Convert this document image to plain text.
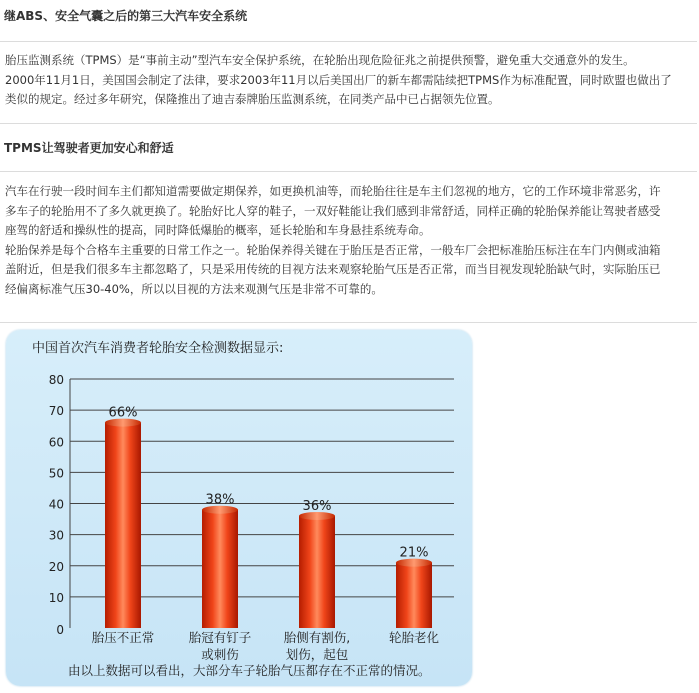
继ABS、安全气囊之后的第三大汽车安全系统
胎压监测系统（TPMS）是“事前主动”型汽车安全保护系统，在轮胎出现危险征兆之前提供预警，避免重大交通意外的发生。
2000年11月1日，美国国会制定了法律，要求2003年11月以后美国出厂的新车都需陆续把TPMS作为标准配置，同时欧盟也做出了
类似的规定。经过多年研究，保隆推出了迪吉泰牌胎压监测系统，在同类产品中已占据领先位置。
TPMS让驾驶者更加安心和舒适
汽车在行驶一段时间车主们都知道需要做定期保养，如更换机油等，而轮胎往往是车主们忽视的地方，它的工作环境非常恶劣，许
多车子的轮胎用不了多久就更换了。轮胎好比人穿的鞋子，一双好鞋能让我们感到非常舒适，同样正确的轮胎保养能让驾驶者感受
座驾的舒适和操纵性的提高，同时降低爆胎的概率，延长轮胎和车身悬挂系统寿命。
轮胎保养是每个合格车主重要的日常工作之一。轮胎保养得关键在于胎压是否正常，一般车厂会把标准胎压标注在车门内侧或油箱
盖附近，但是我们很多车主都忽略了，只是采用传统的目视方法来观察轮胎气压是否正常，而当目视发现轮胎缺气时，实际胎压已
经偏离标准气压30-40%，所以以目视的方法来观测气压是非常不可靠的。
中国首次汽车消费者轮胎安全检测数据显示:
0
10
20
30
40
50
60
70
80
66%
38%	36%
21%
胎压不正常	胎冠有钉子
或刺伤
胎侧有割伤,
划伤，起包
轮胎老化
由以上数据可以看出，大部分车子轮胎气压都存在不正常的情况。
